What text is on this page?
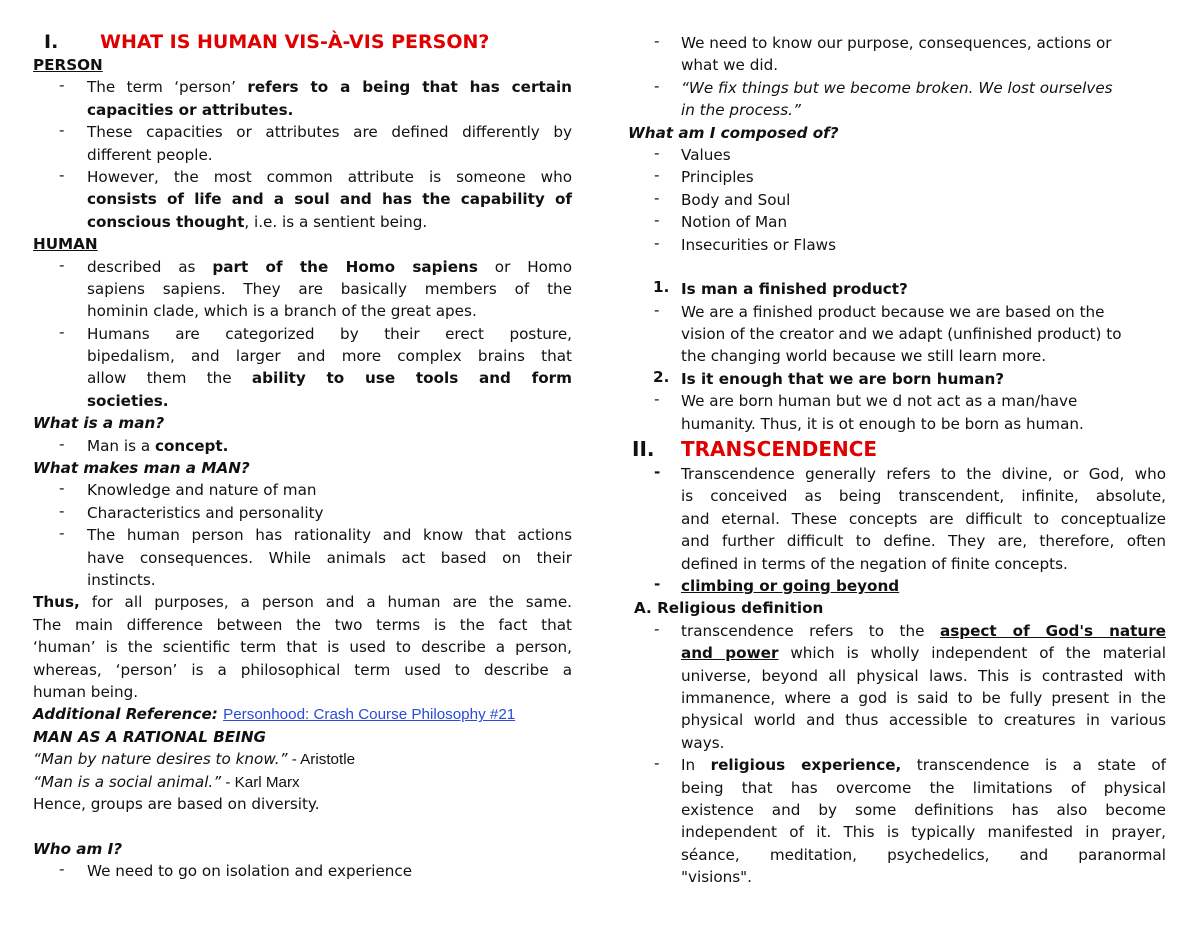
I. WHAT IS HUMAN VIS-À-VIS PERSON?
PERSON
-	The term ‘person’ refers to a being that has certain
capacities or attributes.
-	These capacities or attributes are defined differently by
different people.
-	However, the most common attribute is someone who
consists of life and a soul and has the capability of
conscious thought, i.e. is a sentient being.
HUMAN
-	described as part of the Homo sapiens or Homo
sapiens sapiens. They are basically members of the
hominin clade, which is a branch of the great apes.
-	Humans are categorized by their erect posture,
bipedalism, and larger and more complex brains that
allow them the ability to use tools and form
societies.
What is a man?
-	Man is a concept.
What makes man a MAN?
-	Knowledge and nature of man
-	Characteristics and personality
-	The human person has rationality and know that actions
have consequences. While animals act based on their
instincts.
Thus, for all purposes, a person and a human are the same.
The main difference between the two terms is the fact that
‘human’ is the scientific term that is used to describe a person,
whereas, ‘person’ is a philosophical term used to describe a
human being.
Additional Reference: Personhood: Crash Course Philosophy #21
MAN AS A RATIONAL BEING
“Man by nature desires to know.” - Aristotle
“Man is a social animal.” - Karl Marx
Hence, groups are based on diversity.
Who am I?
-	We need to go on isolation and experience
-	We need to know our purpose, consequences, actions or
what we did.
-	“We fix things but we become broken. We lost ourselves
in the process.”
What am I composed of?
-	Values
-	Principles
-	Body and Soul
-	Notion of Man
-	Insecurities or Flaws
1. Is man a finished product?
-	We are a finished product because we are based on the
vision of the creator and we adapt (unfinished product) to
the changing world because we still learn more.
2. Is it enough that we are born human?
-	We are born human but we d not act as a man/have
humanity. Thus, it is ot enough to be born as human.
II. TRANSCENDENCE
-	Transcendence generally refers to the divine, or God, who
is conceived as being transcendent, infinite, absolute,
and eternal. These concepts are difficult to conceptualize
and further difficult to define. They are, therefore, often
defined in terms of the negation of finite concepts.
-	climbing or going beyond
A. Religious definition
-	transcendence refers to the aspect of God's nature
and power which is wholly independent of the material
universe, beyond all physical laws. This is contrasted with
immanence, where a god is said to be fully present in the
physical world and thus accessible to creatures in various
ways.
-	In religious experience, transcendence is a state of
being that has overcome the limitations of physical
existence and by some definitions has also become
independent of it. This is typically manifested in prayer,
séance, meditation, psychedelics, and paranormal
"visions".
